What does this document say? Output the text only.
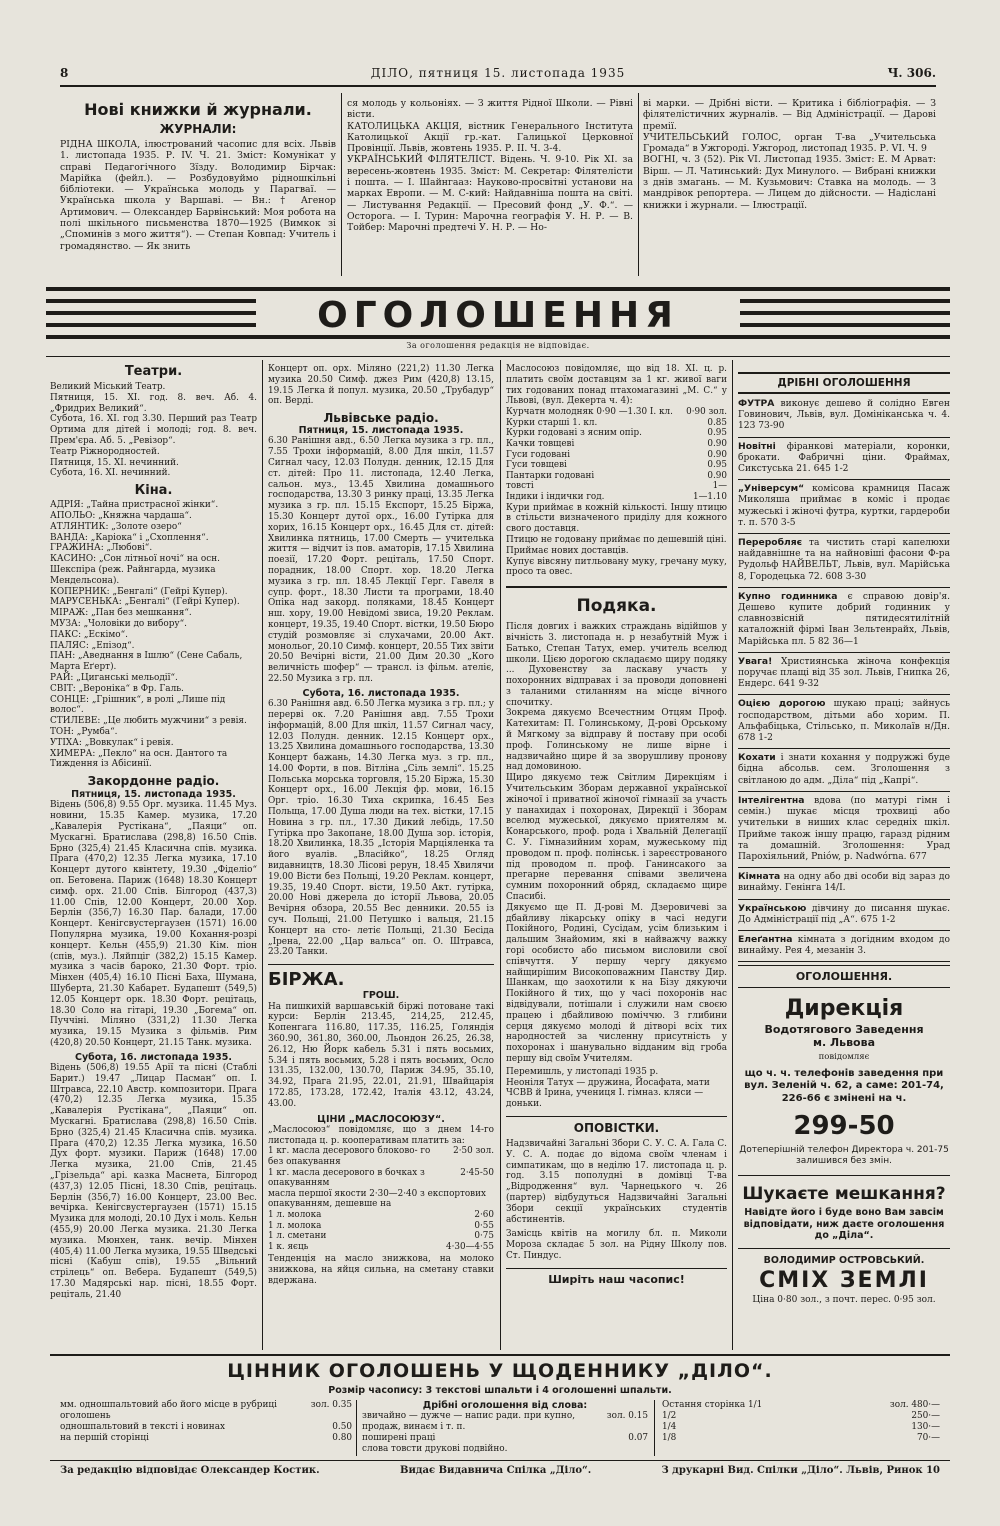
8	ДІЛО, пятниця 15. листопада 1935	Ч. 306.
Нові книжки й журнали.
ЖУРНАЛИ:
РІДНА ШКОЛА, ілюстрований часопис для всіх. Львів 1. листопада 1935. Р. IV. Ч. 21. Зміст: Комунікат у справі Педагогічного Зїзду. Володимир Бірчак: Марійка (фейл.). — Розбудовуймо ріднoшкільні бібліотеки. — Українська молодь у Парагваї. — Українська школа у Варшаві. — Вн.: † Агенор Артимович. — Олександер Барвінський: Моя робота на полі шкільного письменства 1870—1925 (Вимкок зі „Споминів з мого життя“). — Степан Ковпад: Учитель і громадянство. — Як знить
ся молодь у кольоніях. — З життя Рідної Школи. — Рівні вісти.
КАТОЛИЦЬКА АКЦІЯ, вістник Генерального Інститута Католицької Акції гр.-кат. Галицької Церковної Провінції. Львів, жовтень 1935. Р. II. Ч. 3-4.
УКРАЇНСЬКИЙ ФІЛЯТЕЛІСТ. Відень. Ч. 9-10. Рік XI. за вересень-жовтень 1935. Зміст: М. Секретар: Філятелісти і пошта. — І. Шайнгааз: Науково-просвітні установи на марках Европи. — М. С-кий: Найдавніша пошта на світі. — Листування Редакції. — Пресовий фонд „У. Ф.“. — Осторога. — І. Турин: Марочна географія У. Н. Р. — В. Тойбер: Марочні предтечі У. Н. Р. — Но-
ві марки. — Дрібні вісти. — Критика і бібліографія. — З філятелістичних журналів. — Від Адміністрації. — Дарові премії.
УЧИТЕЛЬСЬКИЙ ГОЛОС, орган Т-ва „Учительська Громада“ в Ужгороді. Ужгород, листопад 1935. Р. VI. Ч. 9
ВОГНІ, ч. 3 (52). Рік VI. Листопад 1935. Зміст: Е. М Арват: Вірш. — Л. Чатинський: Дух Минулого. — Вибрані книжки з днів змагань. — М. Кузьмович: Ставка на молодь. — З мандрівок репортера. — Лицем до дійсности. — Надіслані книжки і журнали. — Ілюстрації.
ОГОЛОШЕННЯ
За оголошення редакція не відповідає.
Театри.
Великий Міський Театр.
Пятниця, 15. XI. год. 8. веч. Аб. 4. „Фридрих Великий“.
Субота, 16. XI. год 3.30. Перший раз Театр Ортима для дітей і молоді; год. 8. веч. Прем'єра. Аб. 5. „Ревізор“.
Театр Ріжнородностей.
Пятниця, 15. XI. нечинний.
Субота, 16. XI. нечинний.
Кіна.
АДРІЯ: „Тайна пристрасної жінки“.
АПОЛЬО: „Княжна чардаша“.
АТЛЯНТИК: „Золоте озеро“
ВАНДА: „Каріока“ і „Схоплення“.
ГРАЖИНА: „Любові“.
КАСИНО: „Сон літньої ночі“ на осн. Шекспіра (реж. Райнгарда, музика Мендельсона).
КОПЕРНИК: „Бенгалі“ (Гейрі Купер).
МАРУСЕНЬКА: „Бенгалі“ (Гейрі Купер).
МІРАЖ: „Пан без мешкання“.
МУЗА: „Чоловіки до вибору“.
ПАКС: „Ескімо“.
ПАЛЯС: „Епізод“.
ПАН: „Аведнання в Ішлю“ (Сене Сабаль, Марта Еґерт).
РАЙ: „Циганські мельодії“.
СВІТ: „Вероніка“ в Фр. Галь.
СОНЦЕ: „Грішник“, в ролі „Лише під волос“.
СТИЛЕВЕ: „Це любить мужчини“ з ревія.
ТОН: „Румба“.
УТІХА: „Вовкулак“ і ревія.
ХИМЕРА: „Пекло“ на осн. Дантого та Тиждення із Абісинії.
Закордонне радіо.
Пятниця, 15. листопада 1935.
Відень (506,8) 9.55 Орг. музика. 11.45 Муз. новини, 15.35 Камер. музика, 17.20 „Кавалерія Рустікана“, „Паяци“ оп. Мускагні. Братислава (298,8) 16.50 Спів. Брно (325,4) 21.45 Класична спів. музика. Прага (470,2) 12.35 Легка музика, 17.10 Концерт дутого квінтету, 19.30 „Фіделіо“ оп. Бетовена. Париж (1648) 18.30 Концерт симф. орх. 21.00 Спів. Білгород (437,3) 11.00 Спів, 12.00 Концерт, 20.00 Хор. Берлін (356,7) 16.30 Пар. балади, 17.00 Концерт. Кенігсвустергаузен (1571) 16.00 Популярна музика, 19.00 Кохання-розрі концерт. Кельн (455,9) 21.30 Кім. піон (спів, муз.). Ляйпціг (382,2) 15.15 Камер. музика з часів бароко, 21.30 Форт. тріо. Мінхен (405,4) 16.10 Пісні Баха, Шумана, Шуберта, 21.30 Кабарет. Будапешт (549,5) 12.05 Концерт орк. 18.30 Форт. рецітаць, 18.30 Соло на гітарі, 19.30 „Богема“ оп. Пуччіні. Міляно (331,2) 11.30 Легка музика, 19.15 Музика з фільмів. Рим (420,8) 20.50 Концерт, 21.15 Танк. музика.
Субота, 16. листопада 1935.
Відень (506,8) 19.55 Арії та пісні (Стаблі Барит.) 19.47 „Лицар Пасман“ оп. І. Штравса, 22.10 Австр. композитори. Прага (470,2) 12.35 Легка музика, 15.35 „Кавалерія Рустікана“, „Паяци“ оп. Мускагні. Братислава (298,8) 16.50 Спів. Брно (325,4) 21.45 Класична спів. музика. Прага (470,2) 12.35 Легка музика, 16.50 Дух форт. музики. Париж (1648) 17.00 Легка музика, 21.00 Спів, 21.45 „Грізельда“ арі. казка Маснета, Білгород (437,3) 12.05 Пісні, 18.30 Спів, рецітаць. Берлін (356,7) 16.00 Концерт, 23.00 Вес. вечірка. Кенігсвустергаузен (1571) 15.15 Музика для молоді, 20.10 Дух і моль. Кельн (455,9) 20.00 Легка музика. 21.30 Легка музика. Мюнхен, танк. вечір. Мінхен (405,4) 11.00 Легка музика, 19.55 Шведські пісні (Кабуш спів), 19.55 „Вільний стрілець“ оп. Вебера. Будапешт (549,5) 17.30 Мадярські нар. пісні, 18.55 Форт. реціталь, 21.40
Концерт оп. орх. Міляно (221,2) 11.30 Легка музика 20.50 Симф. джез Рим (420,8) 13.15, 19.15 Легка й попул. музика, 20.50 „Трубадур“ оп. Верді.
Львівське радіо.
Пятниця, 15. листопада 1935.
6.30 Ранішня авд., 6.50 Легка музика з гр. пл., 7.55 Трохи інформацій, 8.00 Для шкіл, 11.57 Сигнал часу, 12.03 Полудн. денник, 12.15 Для ст. дітей: Про 11. листопада, 12.40 Легка, сальон. муз., 13.45 Хвилина домашнього господарства, 13.30 З ринку праці, 13.35 Легка музика з гр. пл. 15.15 Експорт, 15.25 Біржа, 15.30 Концерт дутої орх., 16.00 Гутірка для хорих, 16.15 Концерт орх., 16.45 Для ст. дітей: Хвилинка пятниць, 17.00 Смерть — учителька життя — відчит із пов. аматорів, 17.15 Хвилина поезії, 17.20 Форт. реціталь, 17.50 Спорт. порадник, 18.00 Спорт. хор. 18.20 Легка музика з гр. пл. 18.45 Лекції Герг. Гавеля в супр. форт., 18.30 Листи та програми, 18.40 Опіка над закорд. поляками, 18.45 Концерт нш. хору, 19.00 Невідомі звиса, 19.20 Реклам. концерт, 19.35, 19.40 Спорт. вістки, 19.50 Бюро студій розмовляє зі слухачами, 20.00 Акт. монольог, 20.10 Симф. концерт, 20.55 Тих звіти 20.50 Вечірні вісти, 21.00 Дим 20.30 „Кого величність шофер“ — трансл. із фільм. ателіє, 22.50 Музика з гр. пл.
Субота, 16. листопада 1935.
6.30 Ранішня авд. 6.50 Легка музика з гр. пл.; у перерві ок. 7.20 Ранішня авд. 7.55 Трохи інформацій, 8.00 Для шкіл, 11.57 Сигнал часу, 12.03 Полудн. денник. 12.15 Концерт орх., 13.25 Хвилина домашнього господарства, 13.30 Концерт бажань, 14.30 Легка муз. з гр. пл., 14.00 Форти, в пов. Вітліна „Сіль землі“. 15.25 Польська морська торговля, 15.20 Біржа, 15.30 Концерт орх., 16.00 Лекція фр. мови, 16.15 Орг. тріо. 16.30 Тиха скрипка, 16.45 Без Польща, 17.00 Душа люди на тех. вістки, 17.15 Новина з гр. пл., 17.30 Дикий лебідь, 17.50 Гутірка про Закопане, 18.00 Душа зор. історія, 18.20 Хвилинка, 18.35 „Історія Марціяленка та його вуалів. „Власійко“, 18.25 Огляд видавництв, 18.30 Лісові рерун, 18.45 Хвилячи 19.00 Вісти без Польщі, 19.20 Реклам. концерт, 19.35, 19.40 Спорт. вісти, 19.50 Акт. гутірка, 20.00 Нові джерела до історії Львова, 20.05 Вечірня обзора, 20.55 Вес денники. 20.55 із суч. Польщі, 21.00 Петушко і вальця, 21.15 Концерт на сто- летіє Польщі, 21.30 Бесіда „Ірена, 22.00 „Цар вальса“ оп. О. Штравса, 23.20 Танки.
БІРЖА.
ГРОШ.
На пишкихій варшавській біржі потоване такі курси: Берлін 213.45, 214,25, 212.45, Копенгага 116.80, 117.35, 116.25, Голяндія 360.90, 361.80, 360.00, Льондон 26.25, 26.38, 26.12, Ню Йорк кабель 5.31 і пять восьмих, 5.34 і пять восьмих, 5.28 і пять восьмих, Осло 131.35, 132.00, 130.70, Париж 34.95, 35.10, 34.92, Прага 21.95, 22.01, 21.91, Швайцарія 172.85, 173.28, 172.42, Італія 43.12, 43.24, 43.00.
ЦІНИ „МАСЛОСОЮЗУ“.
„Маслосоюз“ повідомляє, що з днем 14-го листопада ц. р. кооперативам платить за:
1 кг. масла десерового блоково- го без опакування
2·50 зол.
1 кг. масла десерового в бочках з опакуванням
2·45-50
масла першої якости 2·30—2·40 з експортових опакуванням, дешевше на
1 л. молока	2·60
1 л. молока	0·55
1 л. сметани	0·75
1 к. яєць	4·30—4·55
Тенденція на масло знижкова, на молоко знижкова, на яйця сильна, на сметану ставки вдержана.
Маслосоюз повідомляє, що від 18. XI. ц. р. платить своїм доставцям за 1 кг. живої ваги тих годованих понад птахомагазині „М. С.“ у Львові, (вул. Декерта ч. 4):
Курчатн молодняк 0·90 —1.30 І. кл.	0·90 зол.
Курки старші 1. кл.	0.85
Курки годовані з ясним опір.	0.95
Качки товщеві	0.90
Гуси годовані	0.90
Гуси товщеві	0.95
Пантарки годовані	0.90
товсті	1—
Індики і індички год.	1—1.10
Кури приймає в кожній кількості. Іншу птицю в стільсти визначеного приділу для кожного свого доставця.
Птицю не годовану приймає по дешевшій ціні.
Приймає нових доставців.
Купує вівсяну питльовану муку, гречану муку, просо та овес.
Подяка.
Після довгих і важких страждань відійшов у вічність 3. листопада н. р незабутній Муж і Батько, Степан Татух, емер. учитель вселюд школи. Цією дорогою складаємо щиру подяку ... Духовенству за ласкаву участь у похоронних відправах і за проводи доповнені з таланими стиланням на місце вічного спочитку.
Зокрема дякуємо Всечестним Отцям Проф. Катехитам: П. Голинському, Д-рові Орському й Мягкому за відправу й поставу при особі проф. Голинському не лише вірне і надзвичайно щире й за зворушливу пронову над домовиною.
Щиро дякуємо теж Світлим Дирекціям і Учительським Зборам державної української жіночої і приватної жіночої гімназії за участь у панахидах і похоронах, Дирекції і Зборам вселюд мужеської, дякуємо приятелям м. Конарського, проф. рода і Хвальній Делегації С. У. Гімназийним хорам, мужеському під проводом п. проф. полінськ. і зареєстрованого під проводом п. проф. Ганинсакого за прегарне перевання співами звеличена сумним похоронний обряд, складаємо щире Спасибі.
Дякуємо ще П. Д-рові М. Дзеровичеві за дбайливу лікарську опіку в часі недуги Покійного, Родині, Сусідам, усім близьким і дальшим Знайомим, які в найважчу важку горі особисто або письмом висловили свої співчуття. У першу чергу дякуємо найщирішим Високоповажним Панству Дир. Шанкам, що заохотили к на Бізу дякуючи Покійного й тих, що у часі похоронів нас відвідували, потішали і служили нам своєю працею і дбайливою поміччю. З глибини серця дякуємо молоді й дітворі всіх тих народностей за численну присутність у похоронах і шанувально відданим від гроба першу від своїм Учителям.
Перемишль, у листопаді 1935 р.
Неоніля Татух — дружина, Йосафата, мати ЧСВВ й Ірина, учениця І. гімназ. кляси — доньки.
ОПОВІСТКИ.
Надзвичайні Загальні Збори С. У. С. А. Гала С. У. С. А. подає до відома своїм членам і симпатикам, що в неділю 17. листопада ц. р. год. 3.15 пополудні в домівці Т-ва „Відродження“ вул. Чарнецького ч. 26 (партер) відбудуться Надзвичайні Загальні Збори секції українських студентів абстинентів.
Замісць квітів на могилу бл. п. Миколи Мороза складає 5 зол. на Рідну Школу пов. Ст. Пиндус.
Ширіть наш часопис!
ДРІБНІ ОГОЛОШЕННЯ

ФУТРА виконує дешево й солідно Евген Говинович, Львів, вул. Домініканська ч. 4. 123 73-90

Новітні фіранкові матеріали, коронки, брокати. Фабричні ціни. Фраймах, Сикстуська 21. 645 1-2

„Універсум“ комісова крамниця Пасаж Миколяша приймає в коміс і продає мужеські і жіночі футра, куртки, гардероби т. п. 570 3-5

Переробляє та чистить старі капелюхи найдавнішне та на найновіші фасони Ф-ра Рудольф НАЙВЕЛЬТ, Львів, вул. Марійська 8, Городецька 72. 608 3-30

Купно годинника є справою довір'я. Дешево купите добрий годинник у славнозвісній пятидесятилітній каталожній фірмі Іван Зельтенрайх, Львів, Марійська пл. 5 82 36—1

Увага! Християнська жіноча конфекція поручає плащі від 35 зол. Львів, Гнипка 26, Ендерс. 641 9-32

Оцією дорогою шукаю праці; зайнусь господарством, дітьми або хорим. П. Альфабіцька, Стільсько, п. Миколаїв н/Дн. 678 1-2

Кохати і знати кохання у подружжі буде бідна абсольв. сем. Зголошення з світланою до адм. „Діла“ під „Капрі“.

Інтелігентна вдова (по матурі гімн і семін.) шукає місця трохвиці або учительки в ниших клас середніх шкіл. Прийме також іншу працю, гаразд рідним та домашній. Зголошення: Урад Парохіяльний, Pniów, p. Nadwórna. 677

Кімната на одну або дві особи від зараз до винайму. Гeнінга 14/І.

Українською дівчину до писання шукає. До Адміністрації під „А“. 675 1-2

Елеґантна кімната з догідним входом до винайму. Рея 4, мезанін 3.

ОГОЛОШЕННЯ.
Дирекція
Водотягового Заведення
м. Львова
повідомляє
що ч. ч. телефонів заведення при вул. Зеленій ч. 62, а саме: 201-74, 226-66 є змінені на ч.
299-50
Дотеперішній телефон Директора ч. 201-75 залишився без змін.
Шукаєте мешкання?
Навідте його і буде воно Вам завсім відповідати, ниж даєте оголошення до „Діла“.
ВОЛОДИМИР ОСТРОВСЬКИЙ.
СМІХ ЗЕМЛІ
Ціна 0·80 зол., з почт. перес. 0·95 зол.
ЦІННИК ОГОЛОШЕНЬ У ЩОДЕННИКУ „ДІЛО“.
Розмір часопису: 3 текстові шпальти і 4 оголошенні шпальти.
мм. одношпальтовий або його місце в рубриці оголошень
зол. 0.35
одношпальтовий в тексті і новинах	0.50
на першій сторінці	0.80
Дрібні оголошення від слова:
звичайно — дужче — напис ради. при купно, продаж, винаєм і т. п.
зол. 0.15
поширені праці	0.07
слова товсти друкові подвійно.
Остання сторінка 1/1	зол. 480·—
1/2	250·—
1/4	130·—
1/8	70·—
За редакцію відповідає Олександер Костик.	Видає Видавнича Спілка „Діло“.	З друкарні Вид. Спілки „Діло“. Львів, Ринок 10
